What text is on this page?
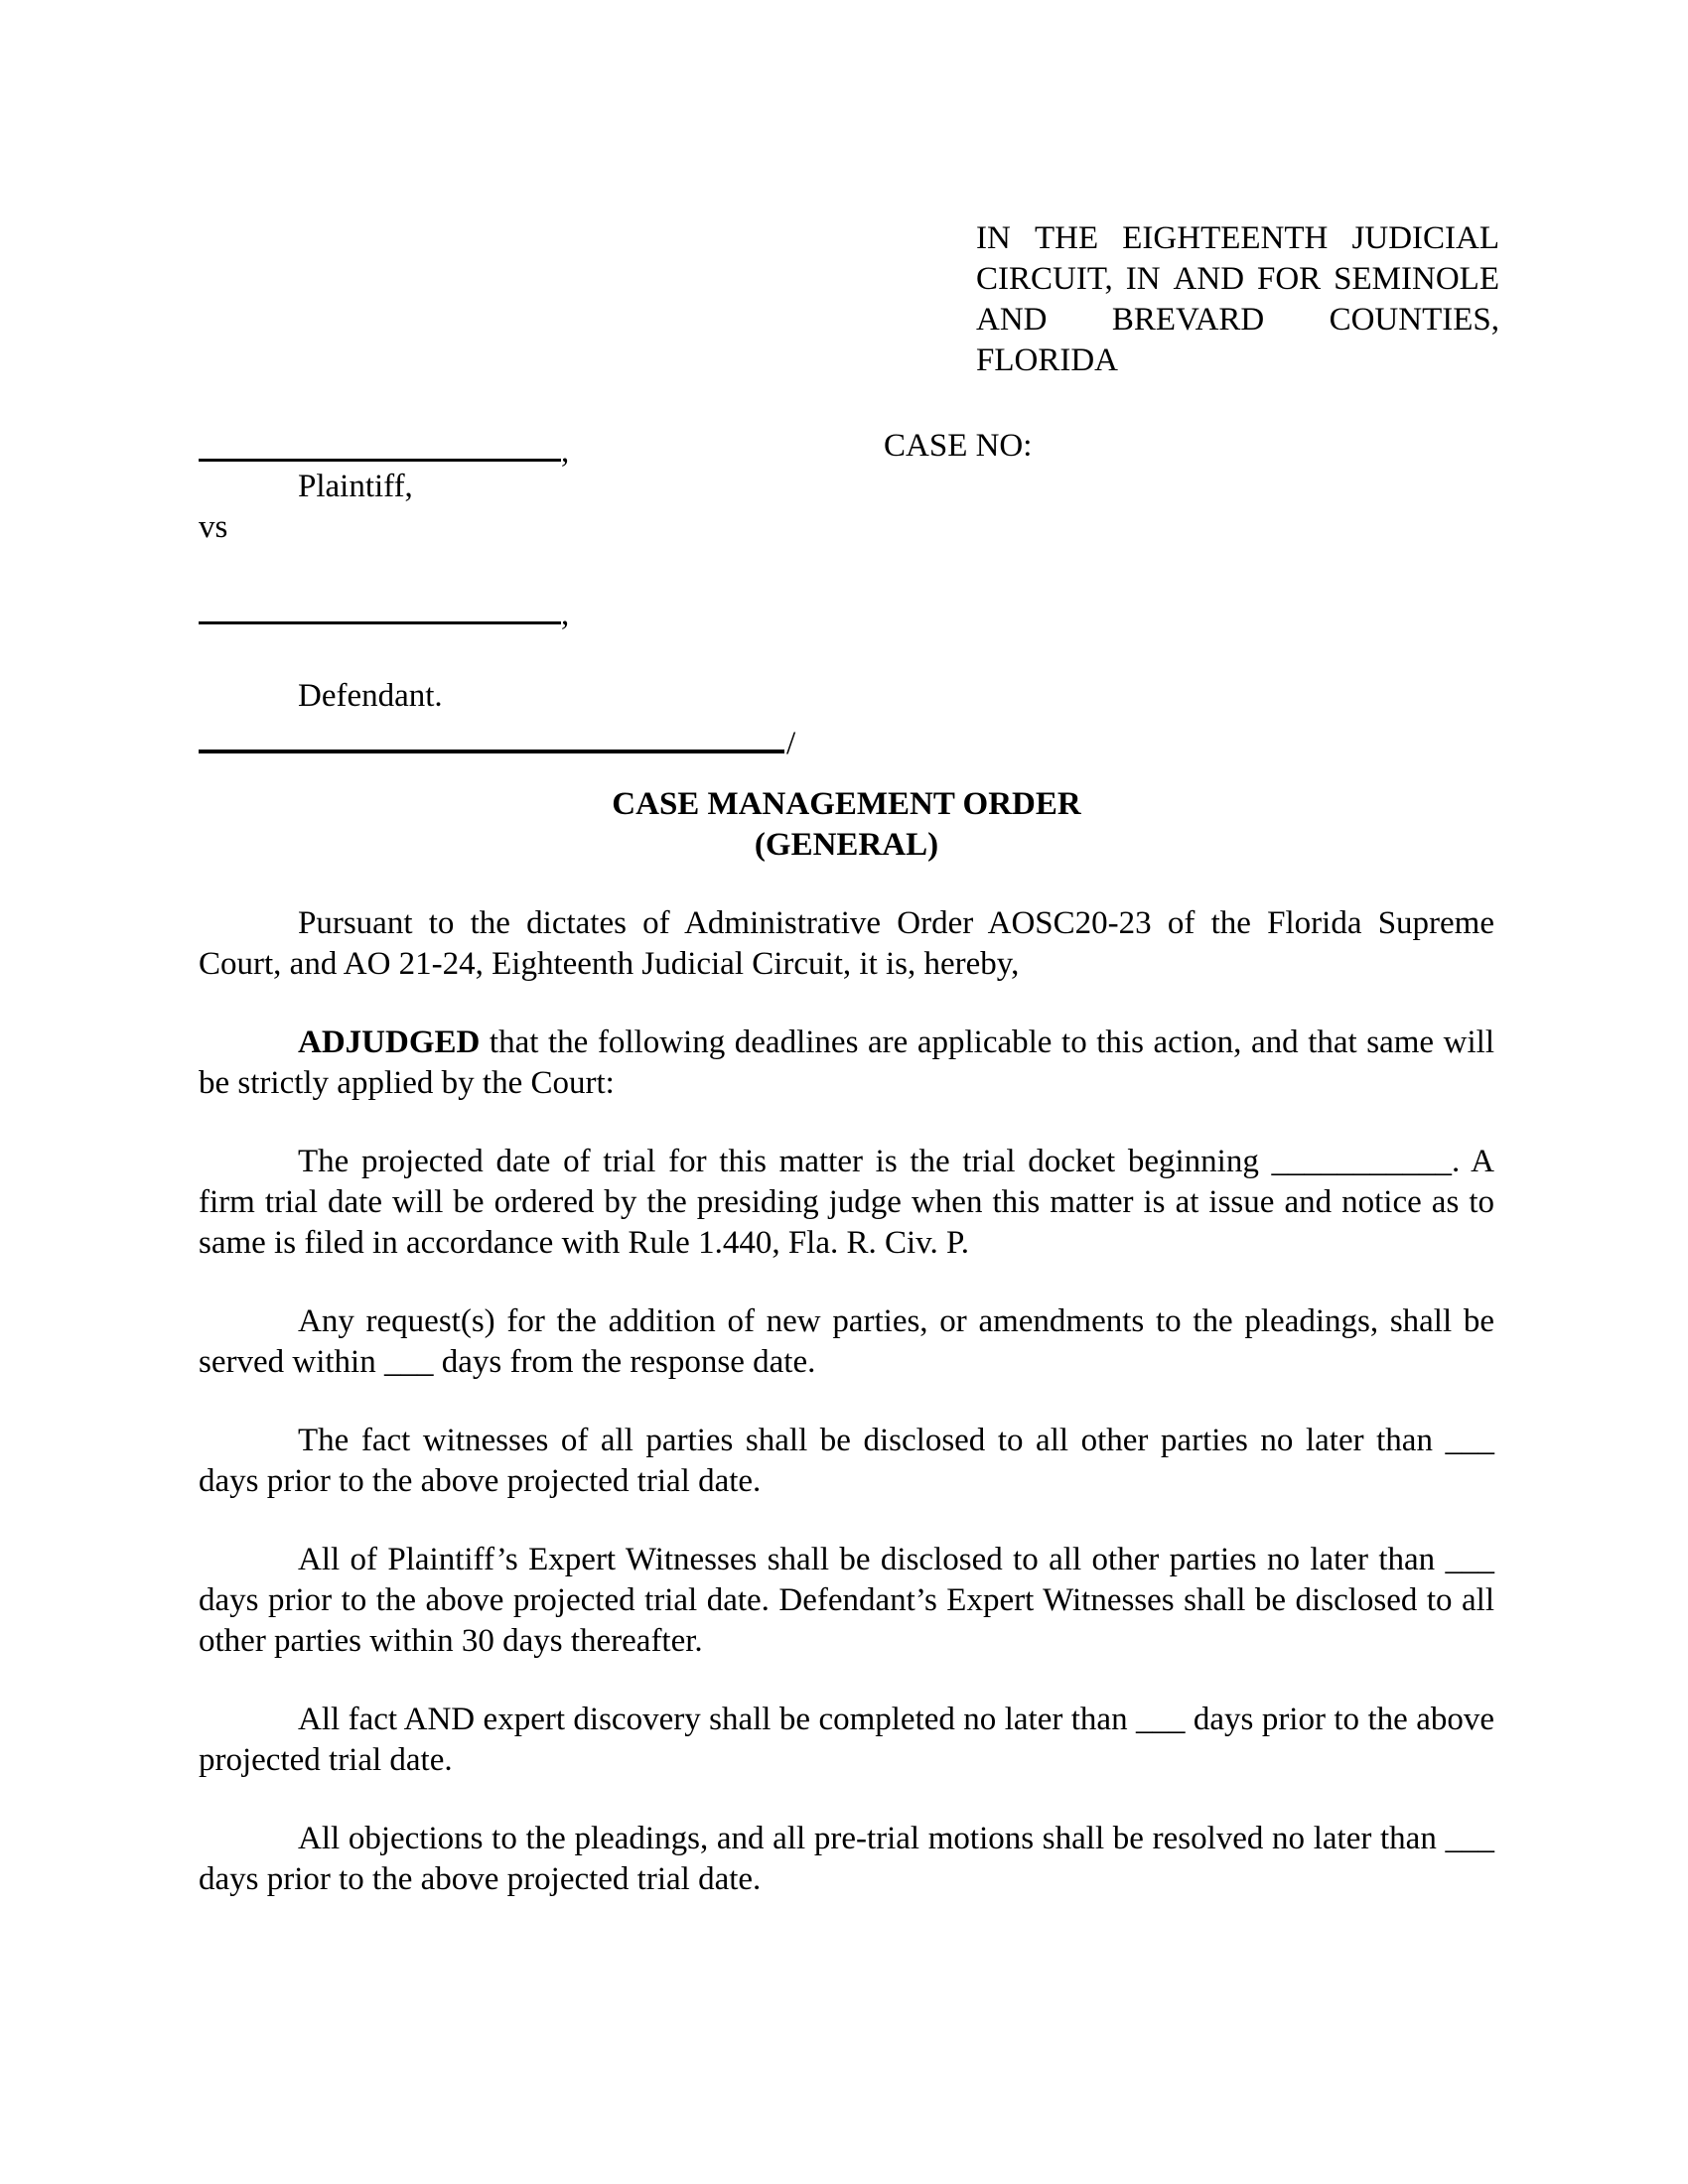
IN THE EIGHTEENTH JUDICIAL
CIRCUIT, IN AND FOR SEMINOLE
AND BREVARD COUNTIES,
FLORIDA
,	CASE NO:
Plaintiff,
vs
,
Defendant.
/
CASE MANAGEMENT ORDER
(GENERAL)

Pursuant to the dictates of Administrative Order AOSC20-23 of the Florida Supreme Court, and AO 21-24, Eighteenth Judicial Circuit, it is, hereby,

ADJUDGED that the following deadlines are applicable to this action, and that same will be strictly applied by the Court:

The projected date of trial for this matter is the trial docket beginning ___________. A firm trial date will be ordered by the presiding judge when this matter is at issue and notice as to same is filed in accordance with Rule 1.440, Fla. R. Civ. P.

Any request(s) for the addition of new parties, or amendments to the pleadings, shall be served within ___ days from the response date.

The fact witnesses of all parties shall be disclosed to all other parties no later than ___ days prior to the above projected trial date.

All of Plaintiff’s Expert Witnesses shall be disclosed to all other parties no later than ___ days prior to the above projected trial date. Defendant’s Expert Witnesses shall be disclosed to all other parties within 30 days thereafter.

All fact AND expert discovery shall be completed no later than ___ days prior to the above projected trial date.

All objections to the pleadings, and all pre-trial motions shall be resolved no later than ___ days prior to the above projected trial date.
